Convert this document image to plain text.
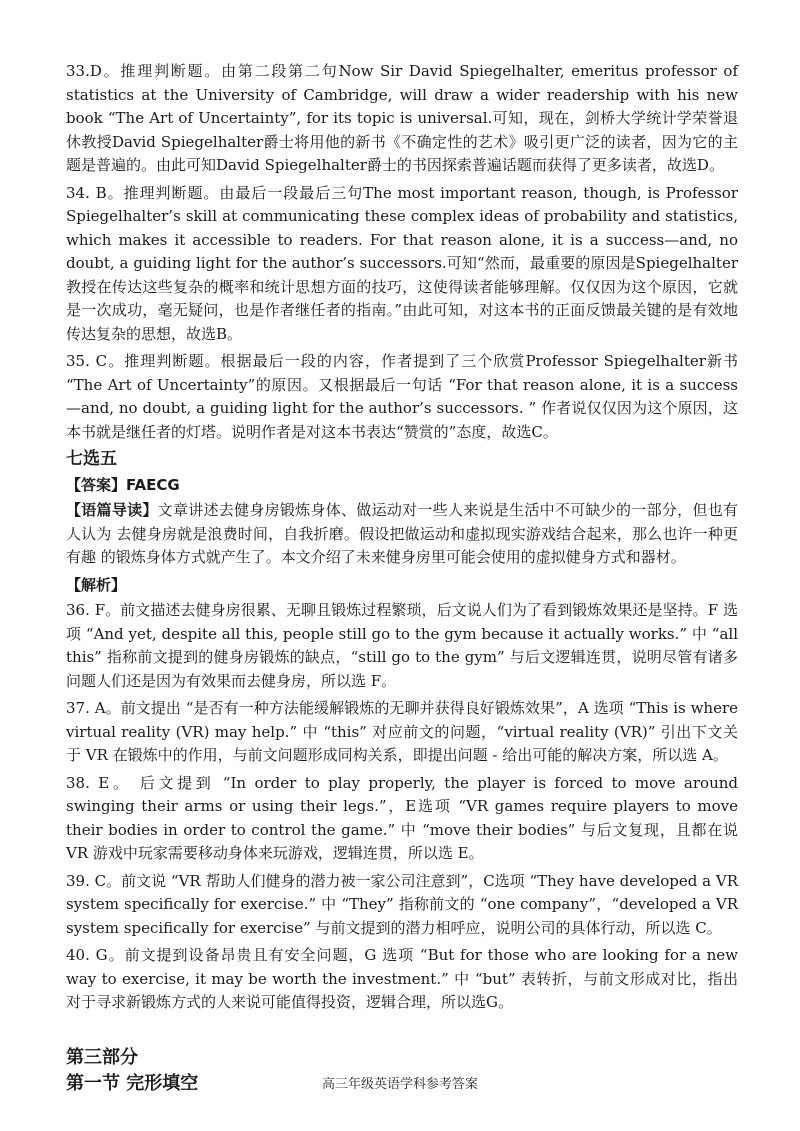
33.D。推理判断题。由第二段第二句Now Sir David Spiegelhalter, emeritus professor of statistics at the University of Cambridge, will draw a wider readership with his new book “The Art of Uncertainty”, for its topic is universal.可知，现在，剑桥大学统计学荣誉退休教授David Spiegelhalter爵士将用他的新书《不确定性的艺术》吸引更广泛的读者，因为它的主题是普遍的。由此可知David Spiegelhalter爵士的书因探索普遍话题而获得了更多读者，故选D。

34. B。推理判断题。由最后一段最后三句The most important reason, though, is Professor Spiegelhalter’s skill at communicating these complex ideas of probability and statistics, which makes it accessible to readers. For that reason alone, it is a success—and, no doubt, a guiding light for the author’s successors.可知“然而，最重要的原因是Spiegelhalter教授在传达这些复杂的概率和统计思想方面的技巧，这使得读者能够理解。仅仅因为这个原因，它就是一次成功，毫无疑问，也是作者继任者的指南。”由此可知，对这本书的正面反馈最关键的是有效地传达复杂的思想，故选B。

35. C。推理判断题。根据最后一段的内容，作者提到了三个欣赏Professor Spiegelhalter新书 “The Art of Uncertainty”的原因。又根据最后一句话 “For that reason alone, it is a success—and, no doubt, a guiding light for the author’s successors. ” 作者说仅仅因为这个原因，这本书就是继任者的灯塔。说明作者是对这本书表达“赞赏的”态度，故选C。

七选五
【答案】FAECG

【语篇导读】文章讲述去健身房锻炼身体、做运动对一些人来说是生活中不可缺少的一部分，但也有人认为 去健身房就是浪费时间，自我折磨。假设把做运动和虚拟现实游戏结合起来，那么也许一种更有趣 的锻炼身体方式就产生了。本文介绍了未来健身房里可能会使用的虚拟健身方式和器材。

【解析】

36. F。前文描述去健身房很累、无聊且锻炼过程繁琐，后文说人们为了看到锻炼效果还是坚持。F 选项 “And yet, despite all this, people still go to the gym because it actually works.” 中 “all this” 指称前文提到的健身房锻炼的缺点，“still go to the gym” 与后文逻辑连贯，说明尽管有诸多问题人们还是因为有效果而去健身房，所以选 F。

37. A。前文提出 “是否有一种方法能缓解锻炼的无聊并获得良好锻炼效果”，A 选项 “This is where virtual reality (VR) may help.” 中 “this” 对应前文的问题，“virtual reality (VR)” 引出下文关于 VR 在锻炼中的作用，与前文问题形成同构关系，即提出问题 - 给出可能的解决方案，所以选 A。

38. E。 后文提到 “In order to play properly, the player is forced to move around swinging their arms or using their legs.”，E选项 “VR games require players to move their bodies in order to control the game.” 中 “move their bodies” 与后文复现，且都在说 VR 游戏中玩家需要移动身体来玩游戏，逻辑连贯，所以选 E。

39. C。前文说 “VR 帮助人们健身的潜力被一家公司注意到”，C选项 “They have developed a VR system specifically for exercise.” 中 “They” 指称前文的 “one company”，“developed a VR system specifically for exercise” 与前文提到的潜力相呼应，说明公司的具体行动，所以选 C。

40. G。前文提到设备昂贵且有安全问题，G 选项 “But for those who are looking for a new way to exercise, it may be worth the investment.” 中 “but” 表转折，与前文形成对比，指出对于寻求新锻炼方式的人来说可能值得投资，逻辑合理，所以选G。

第三部分
第一节 完形填空	高三年级英语学科参考答案
